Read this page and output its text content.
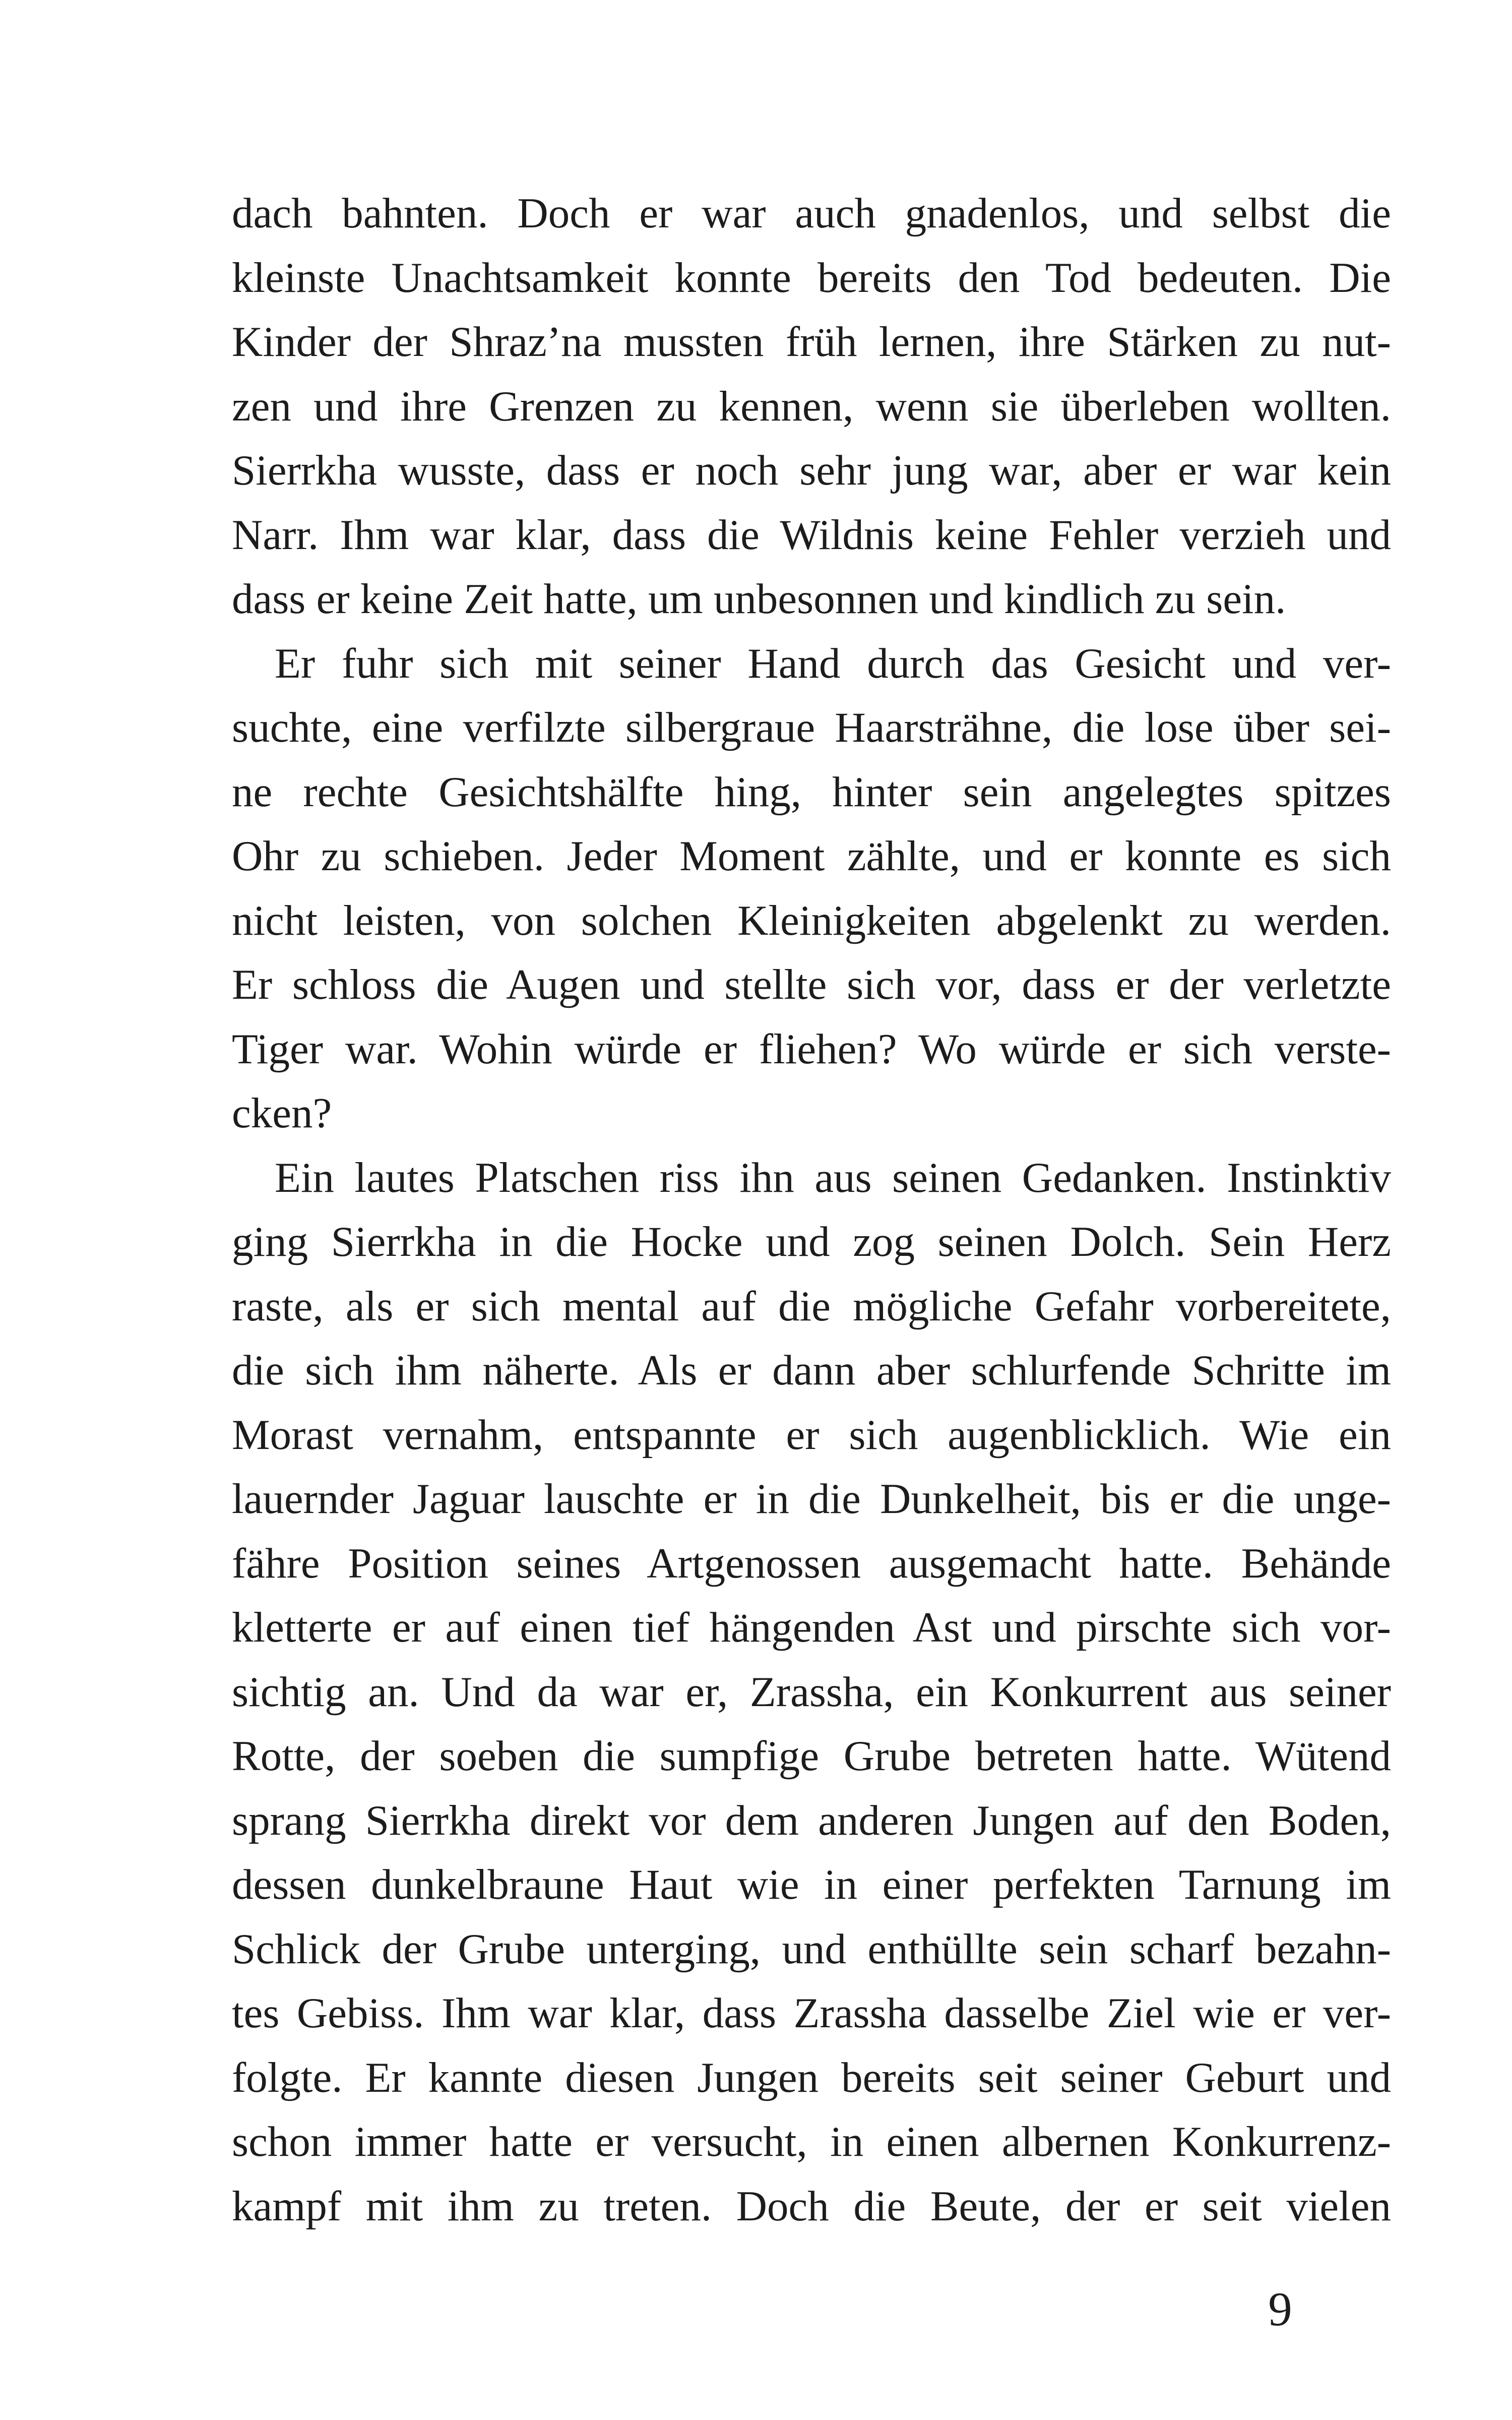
dach bahnten. Doch er war auch gnadenlos, und selbst die
kleinste Unachtsamkeit konnte bereits den Tod bedeuten. Die
Kinder der Shraz’na mussten früh lernen, ihre Stärken zu nut-
zen und ihre Grenzen zu kennen, wenn sie überleben wollten.
Sierrkha wusste, dass er noch sehr jung war, aber er war kein
Narr. Ihm war klar, dass die Wildnis keine Fehler verzieh und
dass er keine Zeit hatte, um unbesonnen und kindlich zu sein.
Er fuhr sich mit seiner Hand durch das Gesicht und ver-
suchte, eine verfilzte silbergraue Haarsträhne, die lose über sei-
ne rechte Gesichtshälfte hing, hinter sein angelegtes spitzes
Ohr zu schieben. Jeder Moment zählte, und er konnte es sich
nicht leisten, von solchen Kleinigkeiten abgelenkt zu werden.
Er schloss die Augen und stellte sich vor, dass er der verletzte
Tiger war. Wohin würde er fliehen? Wo würde er sich verste-
cken?
Ein lautes Platschen riss ihn aus seinen Gedanken. Instinktiv
ging Sierrkha in die Hocke und zog seinen Dolch. Sein Herz
raste, als er sich mental auf die mögliche Gefahr vorbereitete,
die sich ihm näherte. Als er dann aber schlurfende Schritte im
Morast vernahm, entspannte er sich augenblicklich. Wie ein
lauernder Jaguar lauschte er in die Dunkelheit, bis er die unge-
fähre Position seines Artgenossen ausgemacht hatte. Behände
kletterte er auf einen tief hängenden Ast und pirschte sich vor-
sichtig an. Und da war er, Zrassha, ein Konkurrent aus seiner
Rotte, der soeben die sumpfige Grube betreten hatte. Wütend
sprang Sierrkha direkt vor dem anderen Jungen auf den Boden,
dessen dunkelbraune Haut wie in einer perfekten Tarnung im
Schlick der Grube unterging, und enthüllte sein scharf bezahn-
tes Gebiss. Ihm war klar, dass Zrassha dasselbe Ziel wie er ver-
folgte. Er kannte diesen Jungen bereits seit seiner Geburt und
schon immer hatte er versucht, in einen albernen Konkurrenz-
kampf mit ihm zu treten. Doch die Beute, der er seit vielen
9
